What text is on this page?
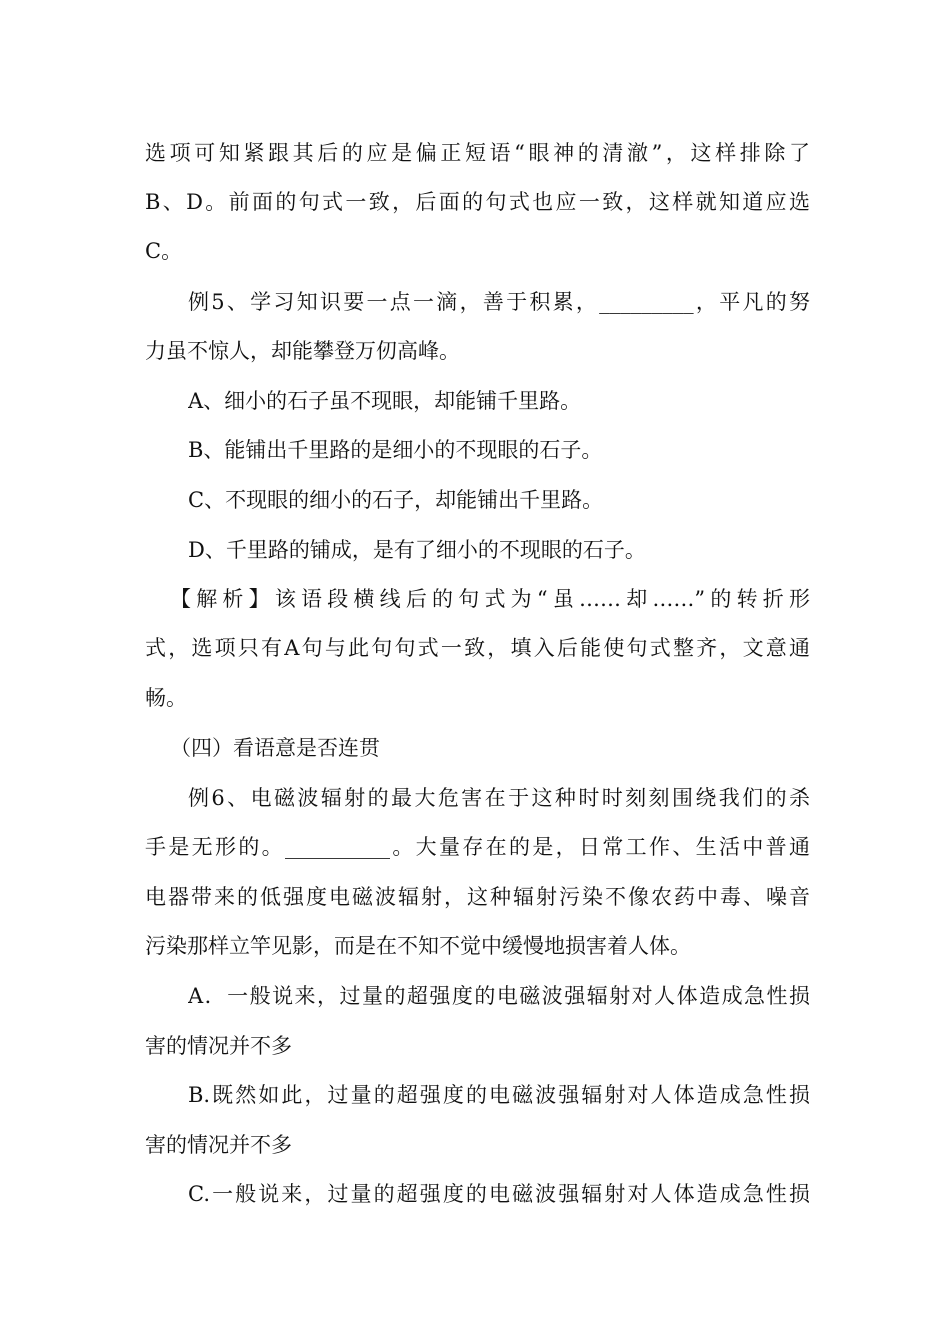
选项可知紧跟其后的应是偏正短语“眼神的清澈”，这样排除了
B、D。前面的句式一致，后面的句式也应一致，这样就知道应选
C。
例5、学习知识要一点一滴，善于积累，_________，平凡的努
力虽不惊人，却能攀登万仞高峰。
A、细小的石子虽不现眼，却能铺千里路。
B、能铺出千里路的是细小的不现眼的石子。
C、不现眼的细小的石子，却能铺出千里路。
D、千里路的铺成，是有了细小的不现眼的石子。
【解析】该语段横线后的句式为“虽……却……”的转折形
式，选项只有A句与此句句式一致，填入后能使句式整齐，文意通
畅。
（四）看语意是否连贯
例6、电磁波辐射的最大危害在于这种时时刻刻围绕我们的杀
手是无形的。__________。大量存在的是，日常工作、生活中普通
电器带来的低强度电磁波辐射，这种辐射污染不像农药中毒、噪音
污染那样立竿见影，而是在不知不觉中缓慢地损害着人体。
A．一般说来，过量的超强度的电磁波强辐射对人体造成急性损
害的情况并不多
B.既然如此，过量的超强度的电磁波强辐射对人体造成急性损
害的情况并不多
C.一般说来，过量的超强度的电磁波强辐射对人体造成急性损
